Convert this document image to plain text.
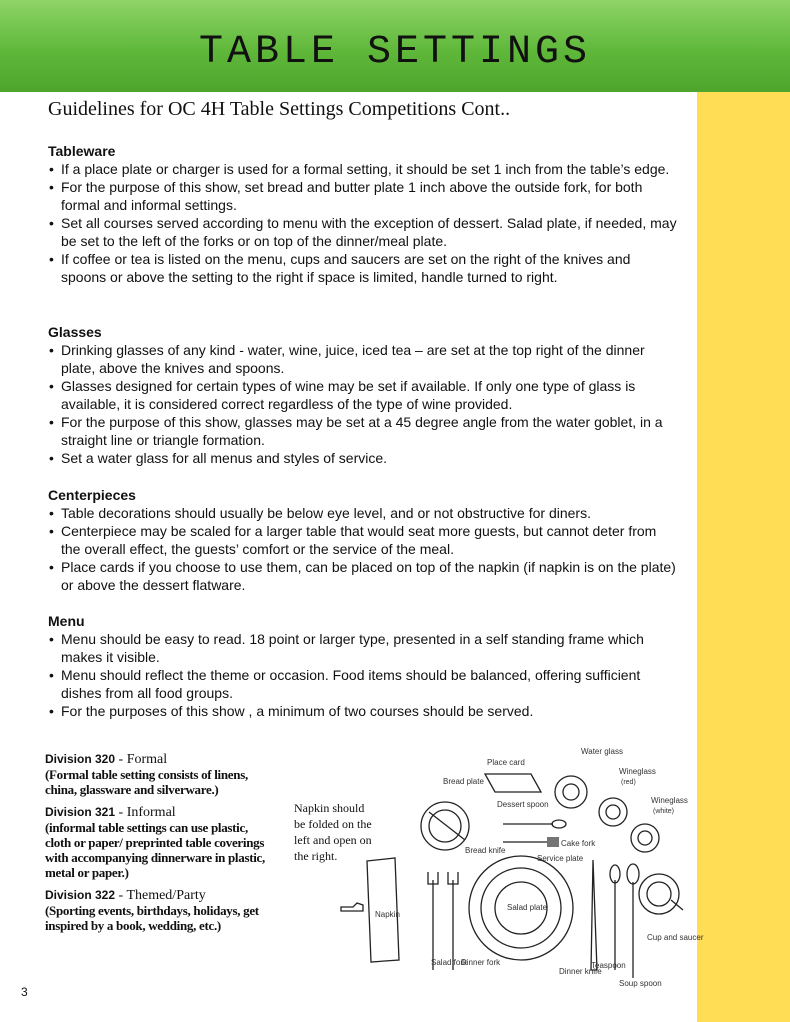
TABLE SETTINGS
Guidelines for OC 4H Table Settings Competitions Cont..
Tableware
• If a place plate or charger is used for a formal setting, it should be set 1 inch from the table’s edge.
• For the purpose of this show, set bread and butter plate 1 inch above the outside fork, for both formal and informal settings.
• Set all courses served according to menu with the exception of dessert. Salad plate, if needed, may be set to the left of the forks or on top of the dinner/meal plate.
• If coffee or tea is listed on the menu, cups and saucers are set on the right of the knives and spoons or above the setting to the right if space is limited, handle turned to right.
Glasses
• Drinking glasses of any kind - water, wine, juice, iced tea – are set at the top right of the dinner plate, above the knives and spoons.
• Glasses designed for certain types of wine may be set if available. If only one type of glass is available, it is considered correct regardless of the type of wine provided.
• For the purpose of this show, glasses may be set at a 45 degree angle from the water goblet, in a straight line or triangle formation.
• Set a water glass for all menus and styles of service.
Centerpieces
• Table decorations should usually be below eye level, and or not obstructive for diners.
• Centerpiece may be scaled for a larger table that would seat more guests, but cannot deter from the overall effect, the guests’ comfort or the service of the meal.
• Place cards if you choose to use them, can be placed on top of the napkin (if napkin is on the plate) or above the dessert flatware.
Menu
• Menu should be easy to read. 18 point or larger type, presented in a self standing frame which makes it visible.
• Menu should reflect the theme or occasion. Food items should be balanced, offering sufficient dishes from all food groups.
• For the purposes of this show , a minimum of two courses should be served.
Division 320 - Formal
(Formal table setting consists of linens, china, glassware and silverware.)
Division 321 - Informal
(informal table settings can use plastic, cloth or paper/ preprinted table coverings with accompanying dinnerware in plastic, metal or paper.)
Division 322 - Themed/Party
(Sporting events, birthdays, holidays, get inspired by a book, wedding, etc.)
Napkin should be folded on the left and open on the right.
Place card
Water glass
Wineglass
(red)
Wineglass
(white)
Bread plate
Dessert spoon
Cake fork
Bread knife
Service plate
Salad plate
Napkin
Salad fork
Dinner fork
Dinner knife
Teaspoon
Soup spoon
Cup and saucer
3
